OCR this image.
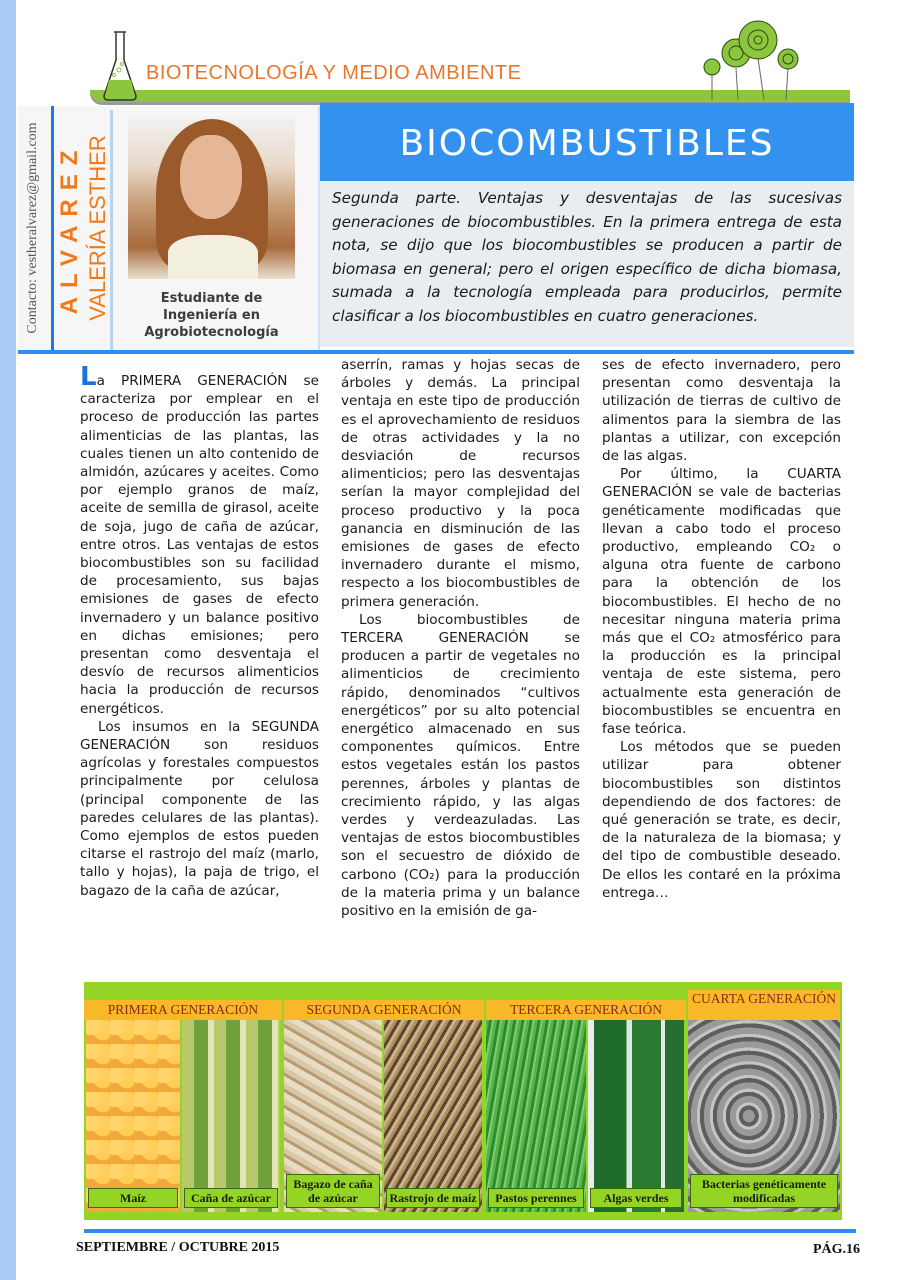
BIOTECNOLOGÍA Y MEDIO AMBIENTE
Contacto: vestheralvarez@gmail.com ALVAREZ VALERÍA ESTHER	Estudiante de
Ingeniería en
Agrobiotecnología
BIOCOMBUSTIBLES

Segunda parte. Ventajas y desventajas de las sucesivas generaciones de biocombustibles. En la primera entrega de esta nota, se dijo que los biocombustibles se producen a partir de biomasa en general; pero el origen específico de dicha biomasa, sumada a la tecnología empleada para producirlos, permite clasificar a los biocombustibles en cuatro generaciones.

La PRIMERA GENERACIÓN se caracteriza por emplear en el proceso de producción las partes alimenticias de las plantas, las cuales tienen un alto contenido de almidón, azúcares y aceites. Como por ejemplo granos de maíz, aceite de semilla de girasol, aceite de soja, jugo de caña de azúcar, entre otros. Las ventajas de estos biocombustibles son su facilidad de procesamiento, sus bajas emisiones de gases de efecto invernadero y un balance positivo en dichas emisiones; pero presentan como desventaja el desvío de recursos alimenticios hacia la producción de recursos energéticos.

Los insumos en la SEGUNDA GENERACIÓN son residuos agrícolas y forestales compuestos principalmente por celulosa (principal componente de las paredes celulares de las plantas). Como ejemplos de estos pueden citarse el rastrojo del maíz (marlo, tallo y hojas), la paja de trigo, el bagazo de la caña de azúcar,

aserrín, ramas y hojas secas de árboles y demás. La principal ventaja en este tipo de producción es el aprovechamiento de residuos de otras actividades y la no desviación de recursos alimenticios; pero las desventajas serían la mayor complejidad del proceso productivo y la poca ganancia en disminución de las emisiones de gases de efecto invernadero durante el mismo, respecto a los biocombustibles de primera generación.

Los biocombustibles de TERCERA GENERACIÓN se producen a partir de vegetales no alimenticios de crecimiento rápido, denominados “cultivos energéticos” por su alto potencial energético almacenado en sus componentes químicos. Entre estos vegetales están los pastos perennes, árboles y plantas de crecimiento rápido, y las algas verdes y verdeazuladas. Las ventajas de estos biocombustibles son el secuestro de dióxido de carbono (CO₂) para la producción de la materia prima y un balance positivo en la emisión de ga-

ses de efecto invernadero, pero presentan como desventaja la utilización de tierras de cultivo de alimentos para la siembra de las plantas a utilizar, con excepción de las algas.

Por último, la CUARTA GENERACIÓN se vale de bacterias genéticamente modificadas que llevan a cabo todo el proceso productivo, empleando CO₂ o alguna otra fuente de carbono para la obtención de los biocombustibles. El hecho de no necesitar ninguna materia prima más que el CO₂ atmosférico para la producción es la principal ventaja de este sistema, pero actualmente esta generación de biocombustibles se encuentra en fase teórica.

Los métodos que se pueden utilizar para obtener biocombustibles son distintos dependiendo de dos factores: de qué generación se trate, es decir, de la naturaleza de la biomasa; y del tipo de combustible deseado. De ellos les contaré en la próxima entrega…

PRIMERA GENERACIÓN
Maíz	Caña de azúcar
SEGUNDA GENERACIÓN
Bagazo de caña de azúcar	Rastrojo de maíz
TERCERA GENERACIÓN
Pastos perennes	Algas verdes
CUARTA GENERACIÓN
Bacterias genéticamente modificadas
SEPTIEMBRE / OCTUBRE 2015	PÁG.16
